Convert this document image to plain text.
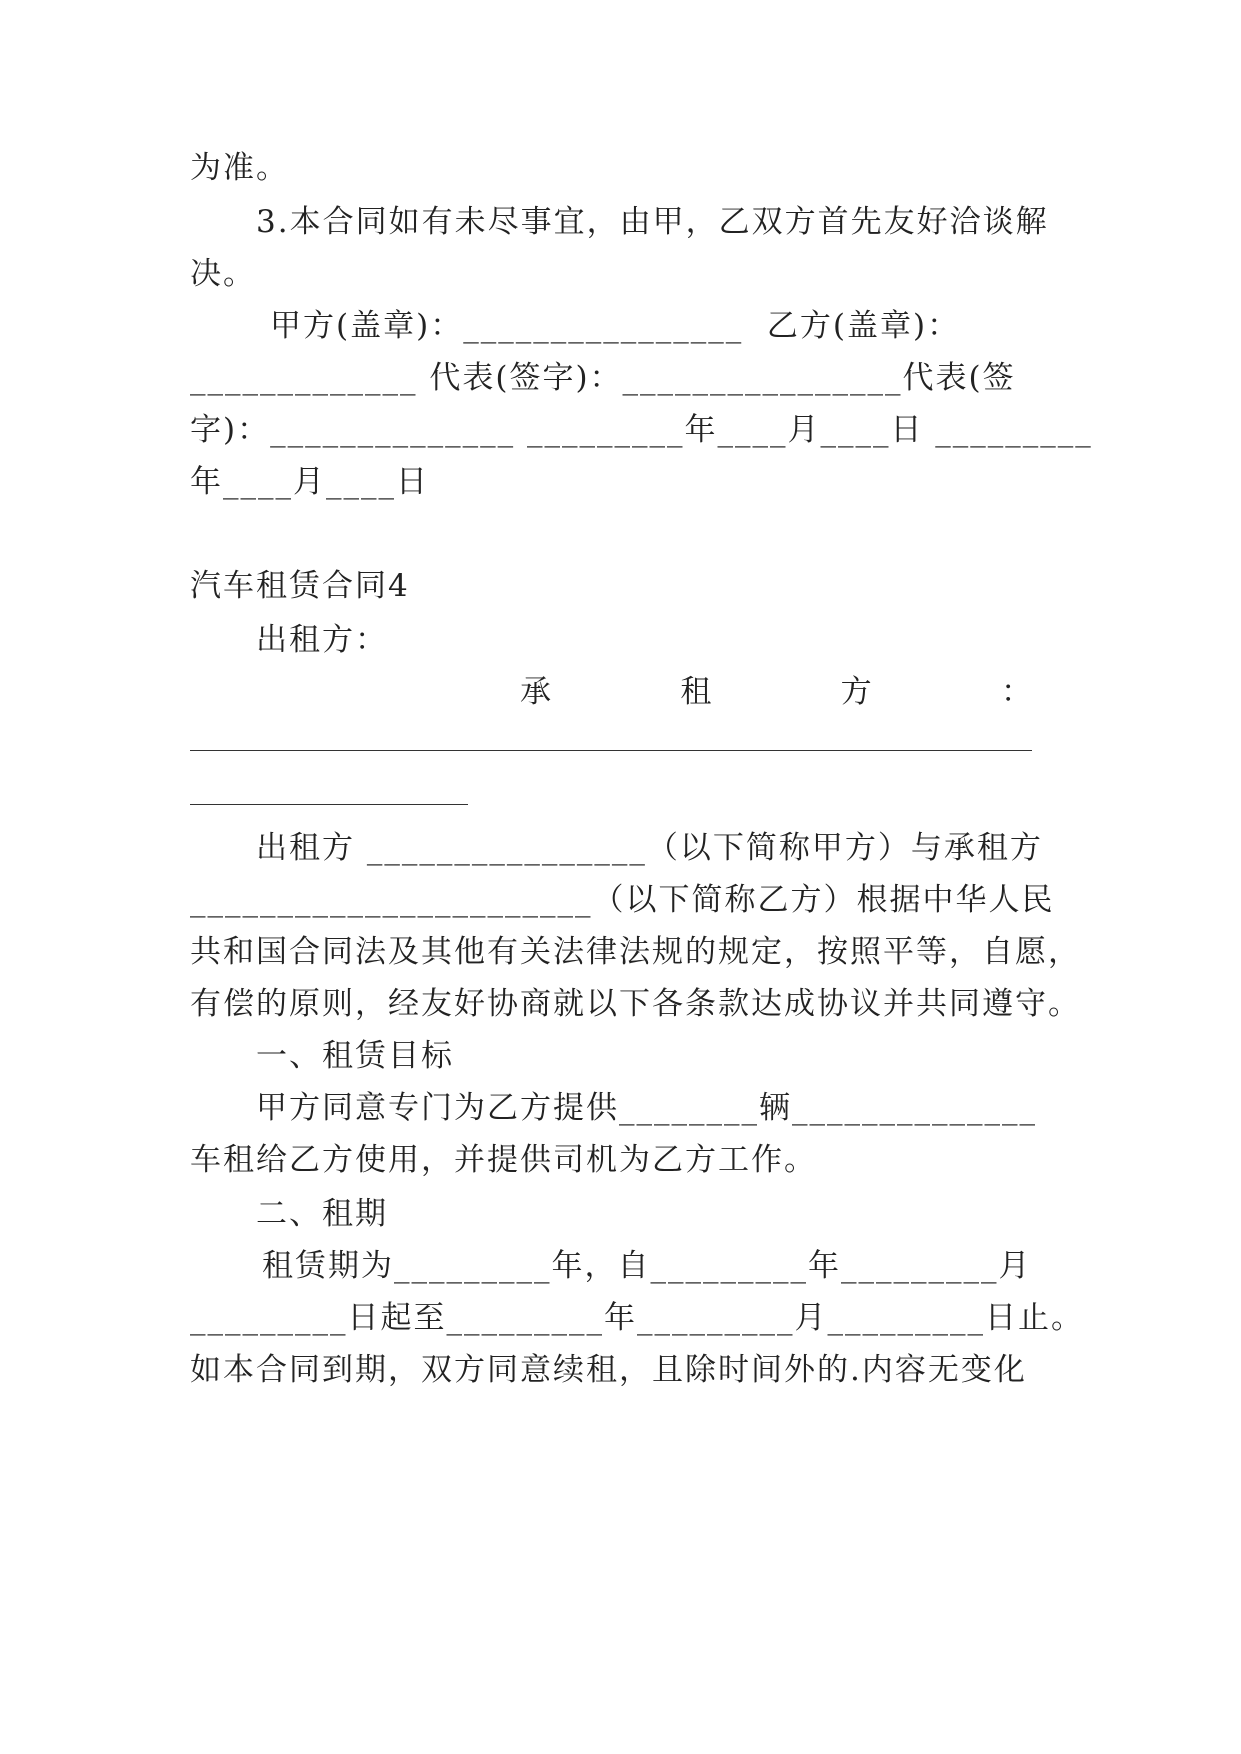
为准。
3.本合同如有未尽事宜，由甲，乙双方首先友好洽谈解
决。
甲方(盖章)：________________  乙方(盖章)：
_____________ 代表(签字)：________________代表(签
字)：______________ _________年____月____日 _________
年____月____日
汽车租赁合同4
出租方：
承	租	方	：
出租方 ________________（以下简称甲方）与承租方
_______________________（以下简称乙方）根据中华人民
共和国合同法及其他有关法律法规的规定，按照平等，自愿，
有偿的原则，经友好协商就以下各条款达成协议并共同遵守。
一、租赁目标
甲方同意专门为乙方提供________辆______________
车租给乙方使用，并提供司机为乙方工作。
二、租期
租赁期为_________年，自_________年_________月
_________日起至_________年_________月_________日止。
如本合同到期，双方同意续租，且除时间外的.内容无变化
